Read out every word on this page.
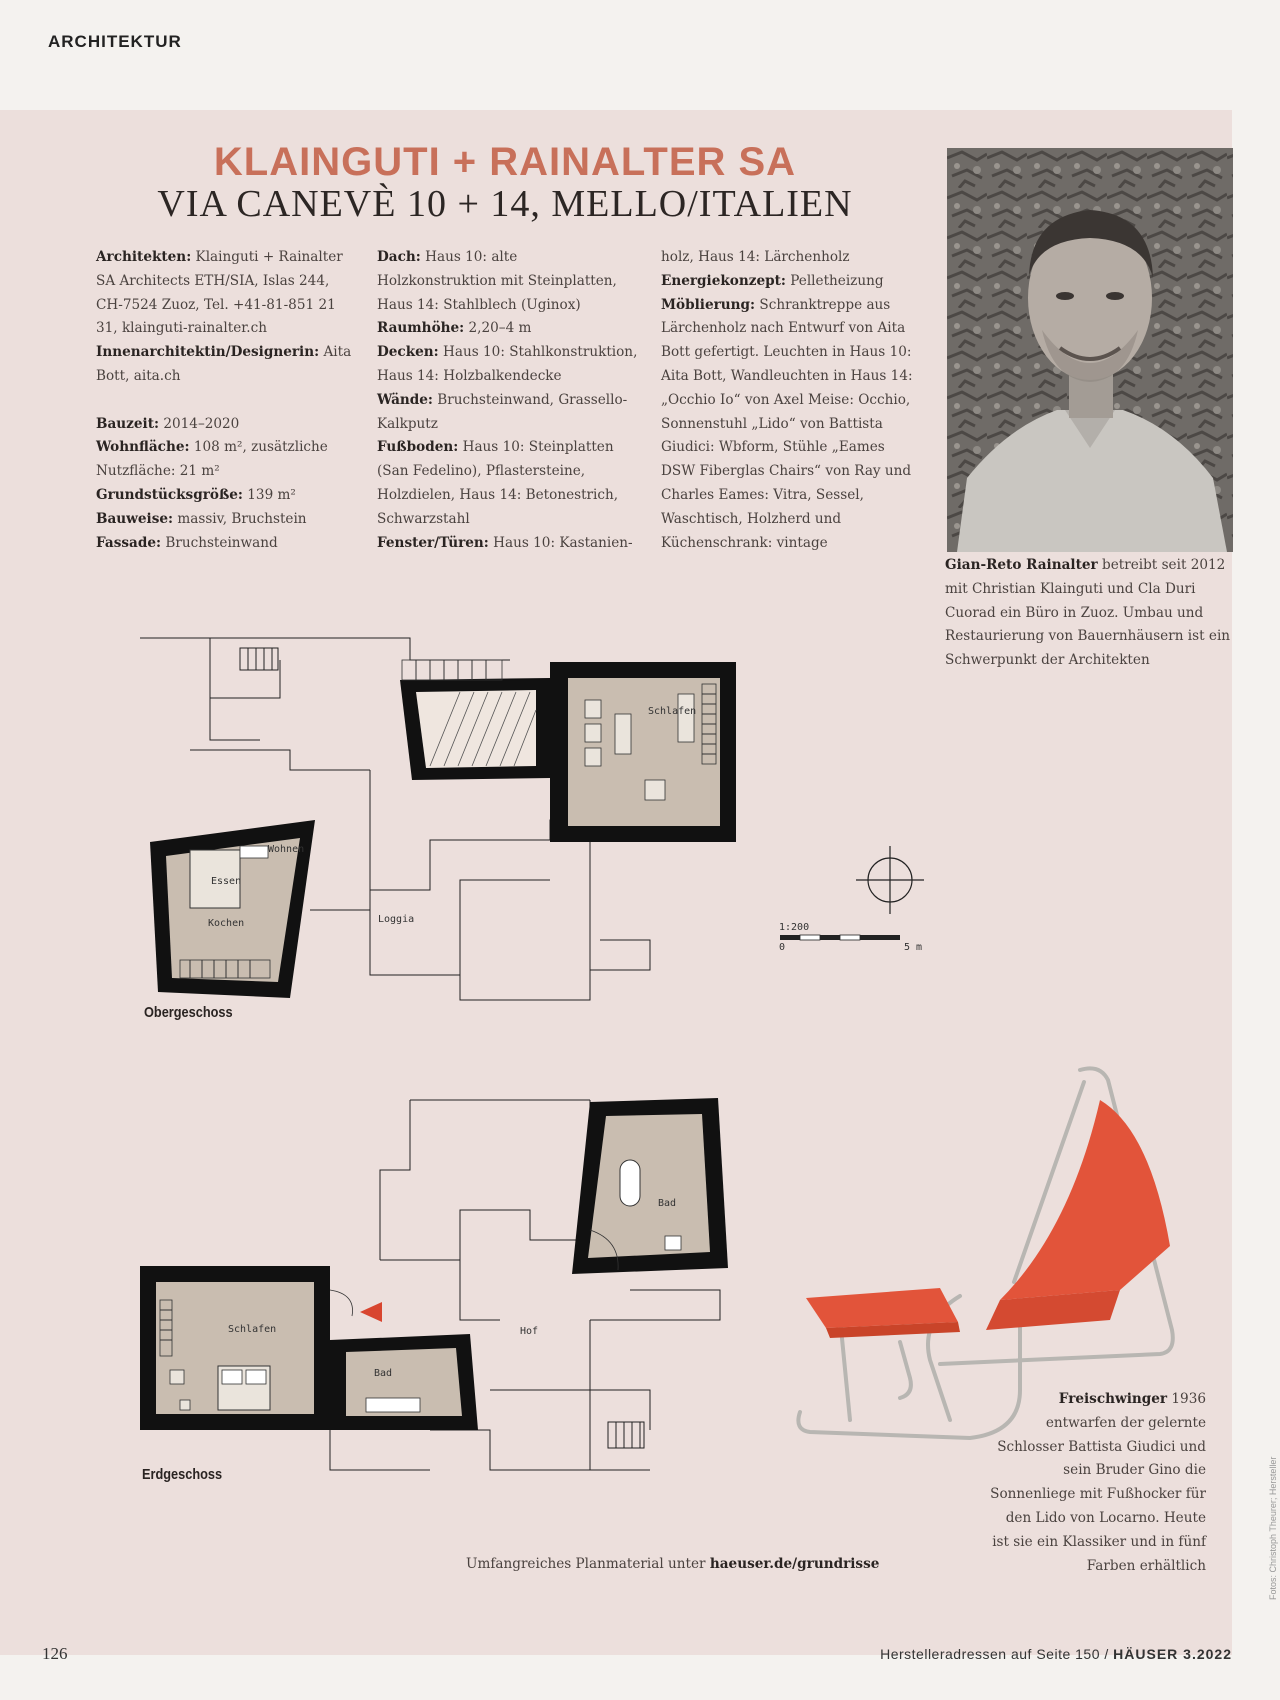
ARCHITEKTUR
KLAINGUTI + RAINALTER SA
VIA CANEVÈ 10 + 14, MELLO/ITALIEN

Architekten: Klainguti + Rainalter SA Architects ETH/SIA, Islas 244, CH-7524 Zuoz, Tel. +41-81-851 21 31, klainguti-rainalter.ch

Innenarchitektin/Designerin: Aita Bott, aita.ch

Bauzeit: 2014–2020

Wohnfläche: 108 m², zusätzliche Nutzfläche: 21 m²

Grundstücksgröße: 139 m²

Bauweise: massiv, Bruchstein

Fassade: Bruchsteinwand

Dach: Haus 10: alte Holzkonstruktion mit Steinplatten, Haus 14: Stahlblech (Uginox)

Raumhöhe: 2,20–4 m

Decken: Haus 10: Stahlkonstruktion, Haus 14: Holzbalkendecke

Wände: Bruchsteinwand, Grassello-Kalkputz

Fußboden: Haus 10: Steinplatten (San Fedelino), Pflastersteine, Holzdielen, Haus 14: Betonestrich, Schwarzstahl

Fenster/Türen: Haus 10: Kastanien-

holz, Haus 14: Lärchenholz

Energiekonzept: Pelletheizung

Möblierung: Schranktreppe aus Lärchenholz nach Entwurf von Aita Bott gefertigt. Leuchten in Haus 10: Aita Bott, Wandleuchten in Haus 14: „Occhio Io“ von Axel Meise: Occhio, Sonnenstuhl „Lido“ von Battista Giudici: Wbform, Stühle „Eames DSW Fiberglas Chairs“ von Ray und Charles Eames: Vitra, Sessel, Waschtisch, Holzherd und Küchenschrank: vintage

Gian-Reto Rainalter betreibt seit 2012 mit Christian Klainguti und Cla Duri Cuorad ein Büro in Zuoz. Umbau und Restaurierung von Bauernhäusern ist ein Schwerpunkt der Architekten
1:200
0	5 m
Schlafen
Wohnen
Essen
Kochen	Loggia
Obergeschoss
Schlafen
Bad
Bad
Hof
Erdgeschoss
Freischwinger 1936 entwarfen der gelernte Schlosser Battista Giudici und sein Bruder Gino die Sonnenliege mit Fußhocker für den Lido von Locarno. Heute ist sie ein Klassiker und in fünf Farben erhältlich
Umfangreiches Planmaterial unter haeuser.de/grundrisse	Fotos: Christoph Theurer; Hersteller
126	Herstelleradressen auf Seite 150 / HÄUSER 3.2022
